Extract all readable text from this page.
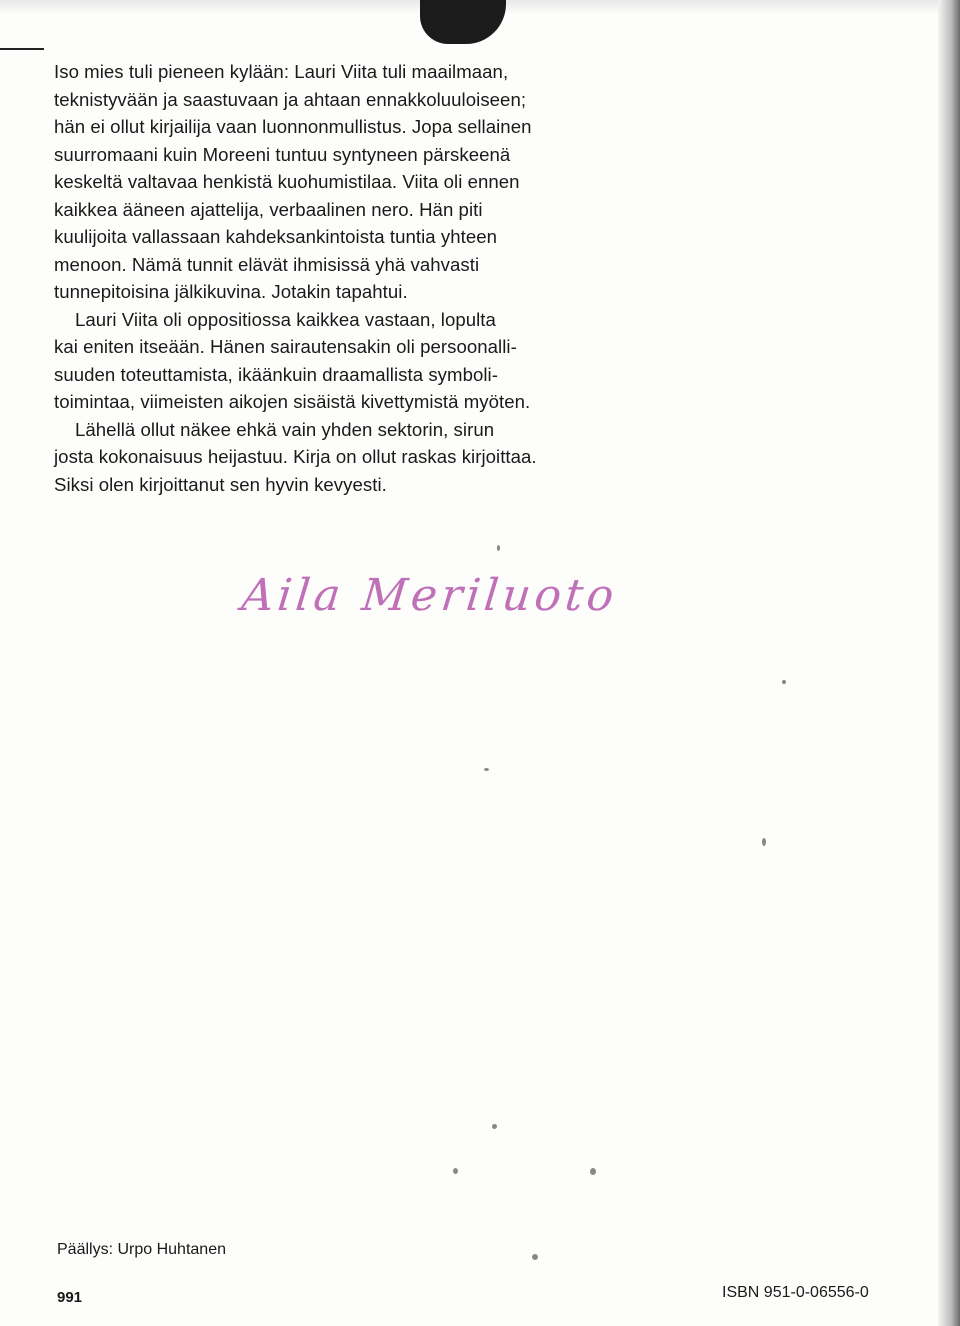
Iso mies tuli pieneen kylään: Lauri Viita tuli maailmaan,

teknistyvään ja saastuvaan ja ahtaan ennakkoluuloiseen;

hän ei ollut kirjailija vaan luonnonmullistus. Jopa sellainen

suurromaani kuin Moreeni tuntuu syntyneen pärskeenä

keskeltä valtavaa henkistä kuohumistilaa. Viita oli ennen

kaikkea ääneen ajattelija, verbaalinen nero. Hän piti

kuulijoita vallassaan kahdeksankintoista tuntia yhteen

menoon. Nämä tunnit elävät ihmisissä yhä vahvasti

tunnepitoisina jälkikuvina. Jotakin tapahtui.

Lauri Viita oli oppositiossa kaikkea vastaan, lopulta

kai eniten itseään. Hänen sairautensakin oli persoonalli-

suuden toteuttamista, ikäänkuin draamallista symboli-

toimintaa, viimeisten aikojen sisäistä kivettymistä myöten.

Lähellä ollut näkee ehkä vain yhden sektorin, sirun

josta kokonaisuus heijastuu. Kirja on ollut raskas kirjoittaa.

Siksi olen kirjoittanut sen hyvin kevyesti.

Aila Meriluoto
Päällys: Urpo Huhtanen
991	ISBN 951-0-06556-0
